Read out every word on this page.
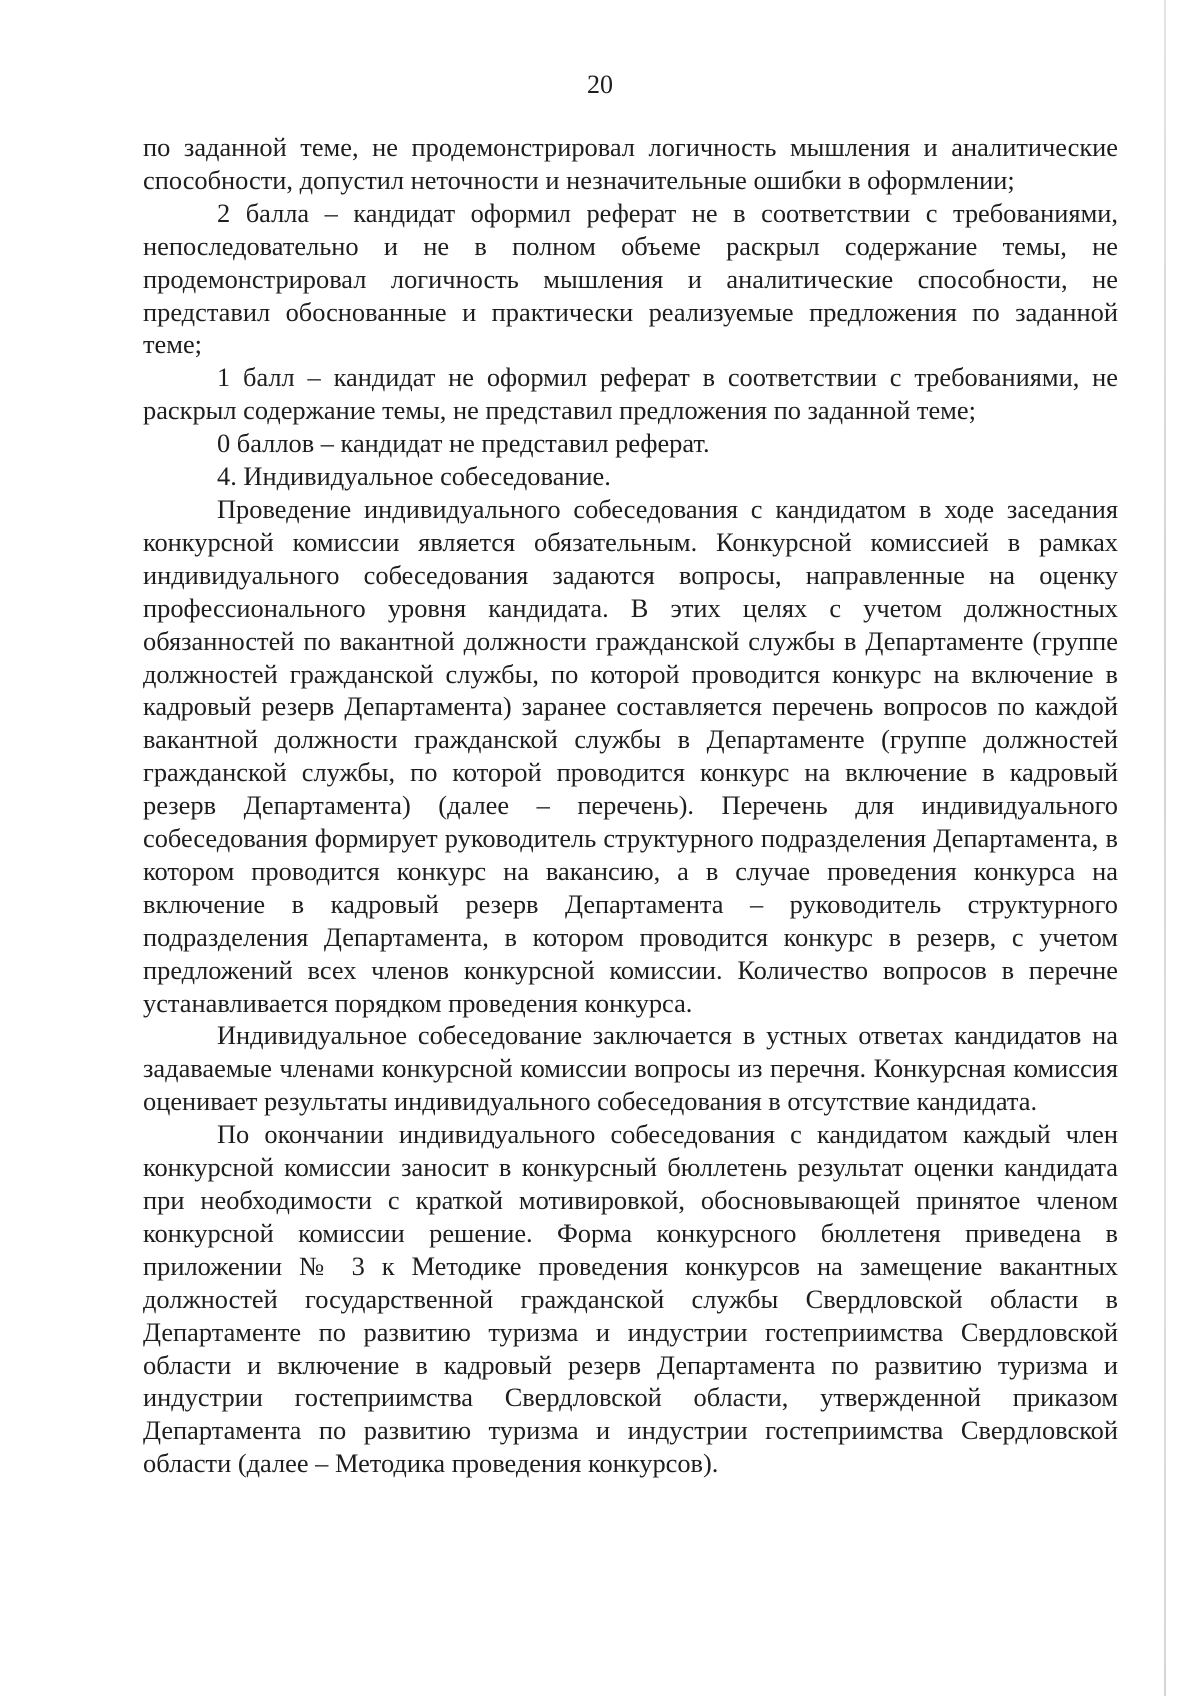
20

по заданной теме, не продемонстрировал логичность мышления и аналитические способности, допустил неточности и незначительные ошибки в оформлении;

2 балла – кандидат оформил реферат не в соответствии с требованиями, непоследовательно и не в полном объеме раскрыл содержание темы, не продемонстрировал логичность мышления и аналитические способности, не представил обоснованные и практически реализуемые предложения по заданной теме;

1 балл – кандидат не оформил реферат в соответствии с требованиями, не раскрыл содержание темы, не представил предложения по заданной теме;

0 баллов – кандидат не представил реферат.

4. Индивидуальное собеседование.

Проведение индивидуального собеседования с кандидатом в ходе заседания конкурсной комиссии является обязательным. Конкурсной комиссией в рамках индивидуального собеседования задаются вопросы, направленные на оценку профессионального уровня кандидата. В этих целях с учетом должностных обязанностей по вакантной должности гражданской службы в Департаменте (группе должностей гражданской службы, по которой проводится конкурс на включение в кадровый резерв Департамента) заранее составляется перечень вопросов по каждой вакантной должности гражданской службы в Департаменте (группе должностей гражданской службы, по которой проводится конкурс на включение в кадровый резерв Департамента) (далее – перечень). Перечень для индивидуального собеседования формирует руководитель структурного подразделения Департамента, в котором проводится конкурс на вакансию, а в случае проведения конкурса на включение в кадровый резерв Департамента – руководитель структурного подразделения Департамента, в котором проводится конкурс в резерв, с учетом предложений всех членов конкурсной комиссии. Количество вопросов в перечне устанавливается порядком проведения конкурса.

Индивидуальное собеседование заключается в устных ответах кандидатов на задаваемые членами конкурсной комиссии вопросы из перечня. Конкурсная комиссия оценивает результаты индивидуального собеседования в отсутствие кандидата.

По окончании индивидуального собеседования с кандидатом каждый член конкурсной комиссии заносит в конкурсный бюллетень результат оценки кандидата при необходимости с краткой мотивировкой, обосновывающей принятое членом конкурсной комиссии решение. Форма конкурсного бюллетеня приведена в приложении № 3 к Методике проведения конкурсов на замещение вакантных должностей государственной гражданской службы Свердловской области в Департаменте по развитию туризма и индустрии гостеприимства Свердловской области и включение в кадровый резерв Департамента по развитию туризма и индустрии гостеприимства Свердловской области, утвержденной приказом Департамента по развитию туризма и индустрии гостеприимства Свердловской области (далее – Методика проведения конкурсов).
